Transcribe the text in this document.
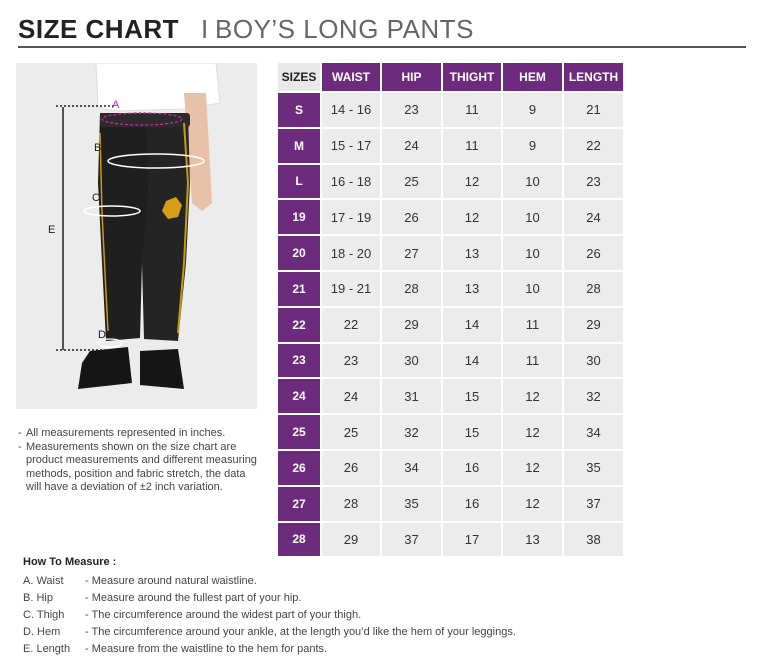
SIZE CHART I BOY’S LONG PANTS
A
B
C
D
E
- All measurements represented in inches.
- Measurements shown on the size chart are product measurements and different measuring methods, position and fabric stretch, the data will have a deviation of ±2 inch variation.
SIZES	WAIST	HIP	THIGHT	HEM	LENGTH
S	14 - 16	23	11	9	21
M	15 - 17	24	11	9	22
L	16 - 18	25	12	10	23
19	17 - 19	26	12	10	24
20	18 - 20	27	13	10	26
21	19 - 21	28	13	10	28
22	22	29	14	11	29
23	23	30	14	11	30
24	24	31	15	12	32
25	25	32	15	12	34
26	26	34	16	12	35
27	28	35	16	12	37
28	29	37	17	13	38
How To Measure :
A. Waist	- Measure around natural waistline.
B. Hip	- Measure around the fullest part of your hip.
C. Thigh	- The circumference around the widest part of your thigh.
D. Hem	- The circumference around your ankle, at the length you’d like the hem of your leggings.
E. Length	- Measure from the waistline to the hem for pants.
